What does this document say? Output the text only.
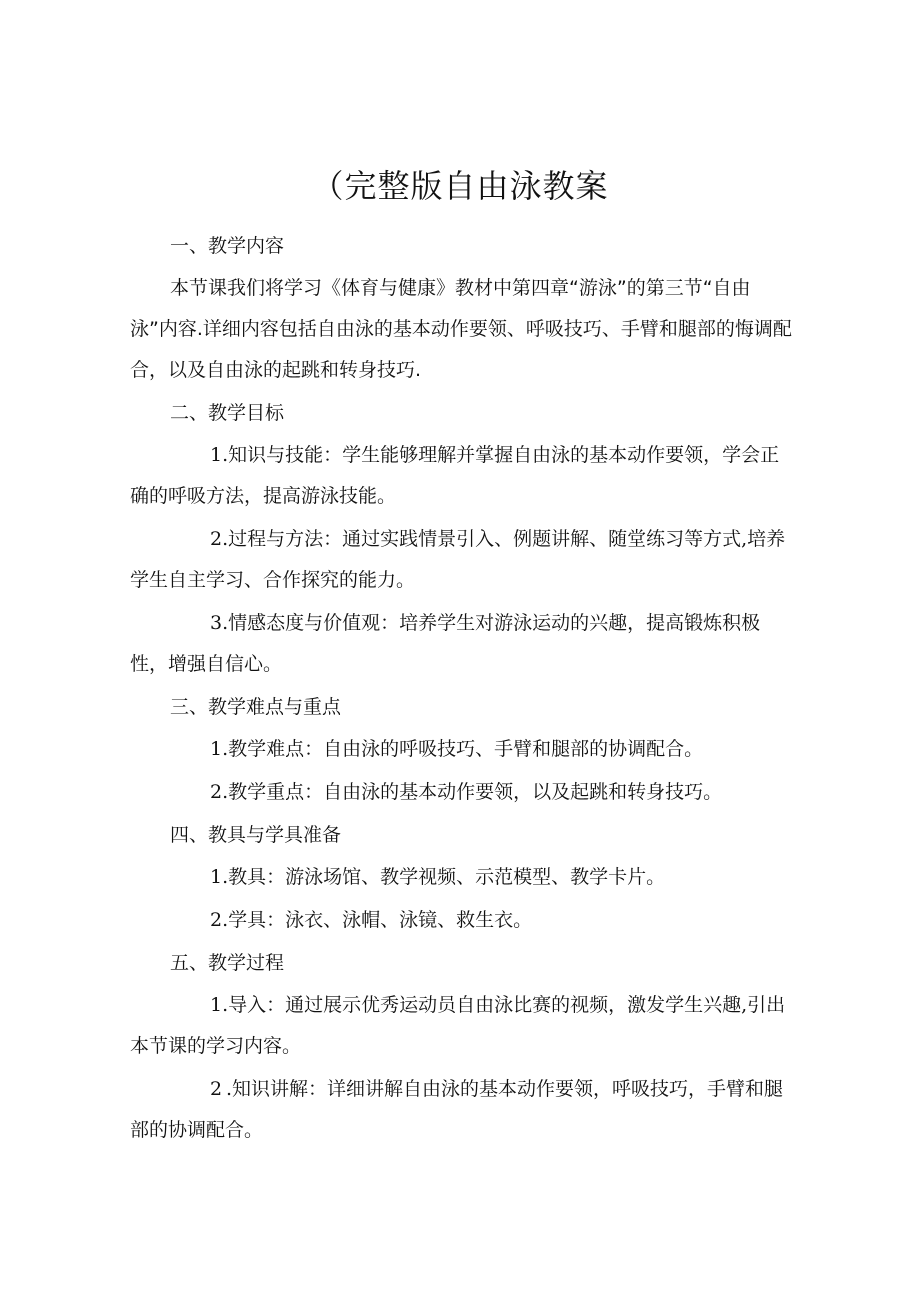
（完整版自由泳教案

一、教学内容

本节课我们将学习《体育与健康》教材中第四章“游泳”的第三节“自由泳”内容.详细内容包括自由泳的基本动作要领、呼吸技巧、手臂和腿部的悔调配合，以及自由泳的起跳和转身技巧.

二、教学目标

1.知识与技能：学生能够理解并掌握自由泳的基本动作要领，学会正确的呼吸方法，提高游泳技能。

2.过程与方法：通过实践情景引入、例题讲解、随堂练习等方式,培养学生自主学习、合作探究的能力。

3.情感态度与价值观：培养学生对游泳运动的兴趣，提高锻炼积极性，增强自信心。

三、教学难点与重点

1.教学难点：自由泳的呼吸技巧、手臂和腿部的协调配合。

2.教学重点：自由泳的基本动作要领，以及起跳和转身技巧。

四、教具与学具准备

1.教具：游泳场馆、教学视频、示范模型、教学卡片。

2.学具：泳衣、泳帽、泳镜、救生衣。

五、教学过程

1.导入：通过展示优秀运动员自由泳比赛的视频，激发学生兴趣,引出本节课的学习内容。

2 .知识讲解：详细讲解自由泳的基本动作要领，呼吸技巧，手臂和腿部的协调配合。
